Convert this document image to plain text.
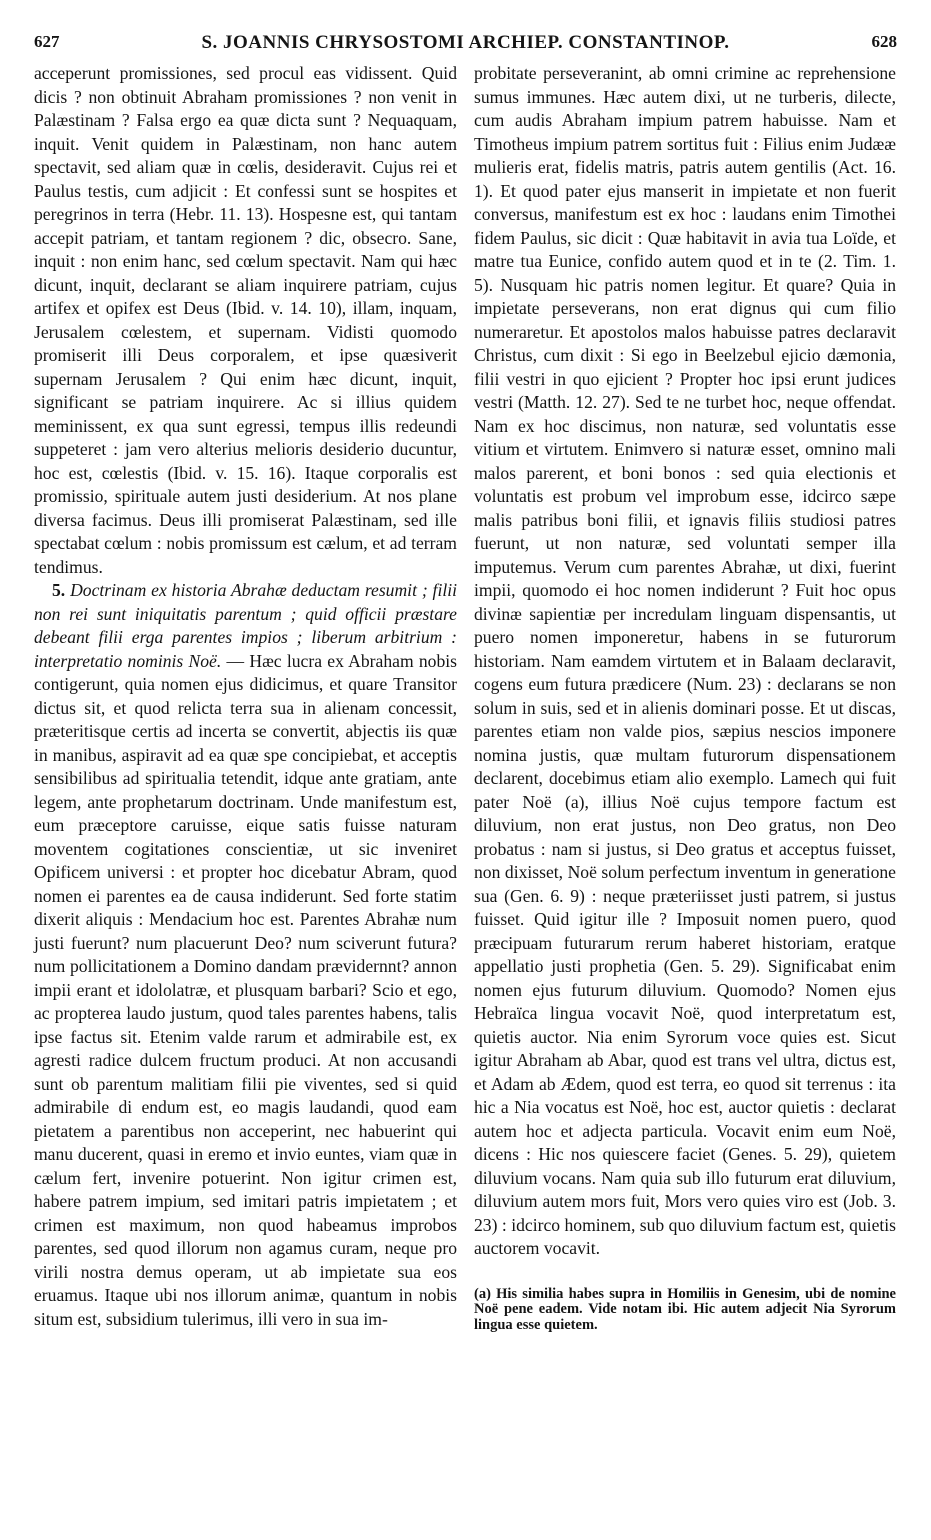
627	S. JOANNIS CHRYSOSTOMI ARCHIEP. CONSTANTINOP.	628

acceperunt promissiones, sed procul eas vidissent. Quid dicis ? non obtinuit Abraham promissiones ? non venit in Palæstinam ? Falsa ergo ea quæ dicta sunt ? Nequaquam, inquit. Venit quidem in Palæstinam, non hanc autem spectavit, sed aliam quæ in cœlis, desideravit. Cujus rei et Paulus testis, cum adjicit : Et confessi sunt se hospites et peregrinos in terra (Hebr. 11. 13). Hospesne est, qui tantam accepit patriam, et tantam regionem ? dic, obsecro. Sane, inquit : non enim hanc, sed cœlum spectavit. Nam qui hæc dicunt, inquit, declarant se aliam inquirere patriam, cujus artifex et opifex est Deus (Ibid. v. 14. 10), illam, inquam, Jerusalem cœlestem, et supernam. Vidisti quomodo promiserit illi Deus corporalem, et ipse quæsiverit supernam Jerusalem ? Qui enim hæc dicunt, inquit, significant se patriam inquirere. Ac si illius quidem meminissent, ex qua sunt egressi, tempus illis redeundi suppeteret : jam vero alterius melioris desiderio ducuntur, hoc est, cœlestis (Ibid. v. 15. 16). Itaque corporalis est promissio, spirituale autem justi desiderium. At nos plane diversa facimus. Deus illi promiserat Palæstinam, sed ille spectabat cœlum : nobis promissum est cælum, et ad terram tendimus.

5. Doctrinam ex historia Abrahæ deductam resumit ; filii non rei sunt iniquitatis parentum ; quid officii præstare debeant filii erga parentes impios ; liberum arbitrium : interpretatio nominis Noë. — Hæc lucra ex Abraham nobis contigerunt, quia nomen ejus didicimus, et quare Transitor dictus sit, et quod relicta terra sua in alienam concessit, præteritisque certis ad incerta se convertit, abjectis iis quæ in manibus, aspiravit ad ea quæ spe concipiebat, et acceptis sensibilibus ad spiritualia tetendit, idque ante gratiam, ante legem, ante prophetarum doctrinam. Unde manifestum est, eum præceptore caruisse, eique satis fuisse naturam moventem cogitationes conscientiæ, ut sic inveniret Opificem universi : et propter hoc dicebatur Abram, quod nomen ei parentes ea de causa indiderunt. Sed forte statim dixerit aliquis : Mendacium hoc est. Parentes Abrahæ num justi fuerunt? num placuerunt Deo? num sciverunt futura? num pollicitationem a Domino dandam prævidernnt? annon impii erant et idololatræ, et plusquam barbari? Scio et ego, ac propterea laudo justum, quod tales parentes habens, talis ipse factus sit. Etenim valde rarum et admirabile est, ex agresti radice dulcem fructum produci. At non accusandi sunt ob parentum malitiam filii pie viventes, sed si quid admirabile di endum est, eo magis laudandi, quod eam pietatem a parentibus non acceperint, nec habuerint qui manu ducerent, quasi in eremo et invio euntes, viam quæ in cælum fert, invenire potuerint. Non igitur crimen est, habere patrem impium, sed imitari patris impietatem ; et crimen est maximum, non quod habeamus improbos parentes, sed quod illorum non agamus curam, neque pro virili nostra demus operam, ut ab impietate sua eos eruamus. Itaque ubi nos illorum animæ, quantum in nobis situm est, subsidium tulerimus, illi vero in sua im-

probitate perseveranint, ab omni crimine ac reprehensione sumus immunes. Hæc autem dixi, ut ne turberis, dilecte, cum audis Abraham impium patrem habuisse. Nam et Timotheus impium patrem sortitus fuit : Filius enim Judææ mulieris erat, fidelis matris, patris autem gentilis (Act. 16. 1). Et quod pater ejus manserit in impietate et non fuerit conversus, manifestum est ex hoc : laudans enim Timothei fidem Paulus, sic dicit : Quæ habitavit in avia tua Loïde, et matre tua Eunice, confido autem quod et in te (2. Tim. 1. 5). Nusquam hic patris nomen legitur. Et quare? Quia in impietate perseverans, non erat dignus qui cum filio numeraretur. Et apostolos malos habuisse patres declaravit Christus, cum dixit : Si ego in Beelzebul ejicio dæmonia, filii vestri in quo ejicient ? Propter hoc ipsi erunt judices vestri (Matth. 12. 27). Sed te ne turbet hoc, neque offendat. Nam ex hoc discimus, non naturæ, sed voluntatis esse vitium et virtutem. Enimvero si naturæ esset, omnino mali malos parerent, et boni bonos : sed quia electionis et voluntatis est probum vel improbum esse, idcirco sæpe malis patribus boni filii, et ignavis filiis studiosi patres fuerunt, ut non naturæ, sed voluntati semper illa imputemus. Verum cum parentes Abrahæ, ut dixi, fuerint impii, quomodo ei hoc nomen indiderunt ? Fuit hoc opus divinæ sapientiæ per incredulam linguam dispensantis, ut puero nomen imponeretur, habens in se futurorum historiam. Nam eamdem virtutem et in Balaam declaravit, cogens eum futura prædicere (Num. 23) : declarans se non solum in suis, sed et in alienis dominari posse. Et ut discas, parentes etiam non valde pios, sæpius nescios imponere nomina justis, quæ multam futurorum dispensationem declarent, docebimus etiam alio exemplo. Lamech qui fuit pater Noë (a), illius Noë cujus tempore factum est diluvium, non erat justus, non Deo gratus, non Deo probatus : nam si justus, si Deo gratus et acceptus fuisset, non dixisset, Noë solum perfectum inventum in generatione sua (Gen. 6. 9) : neque præteriisset justi patrem, si justus fuisset. Quid igitur ille ? Imposuit nomen puero, quod præcipuam futurarum rerum haberet historiam, eratque appellatio justi prophetia (Gen. 5. 29). Significabat enim nomen ejus futurum diluvium. Quomodo? Nomen ejus Hebraïca lingua vocavit Noë, quod interpretatum est, quietis auctor. Nia enim Syrorum voce quies est. Sicut igitur Abraham ab Abar, quod est trans vel ultra, dictus est, et Adam ab Ædem, quod est terra, eo quod sit terrenus : ita hic a Nia vocatus est Noë, hoc est, auctor quietis : declarat autem hoc et adjecta particula. Vocavit enim eum Noë, dicens : Hic nos quiescere faciet (Genes. 5. 29), quietem diluvium vocans. Nam quia sub illo futurum erat diluvium, diluvium autem mors fuit, Mors vero quies viro est (Job. 3. 23) : idcirco hominem, sub quo diluvium factum est, quietis auctorem vocavit.

(a) His similia habes supra in Homiliis in Genesim, ubi de nomine Noë pene eadem. Vide notam ibi. Hic autem adjecit Nia Syrorum lingua esse quietem.
